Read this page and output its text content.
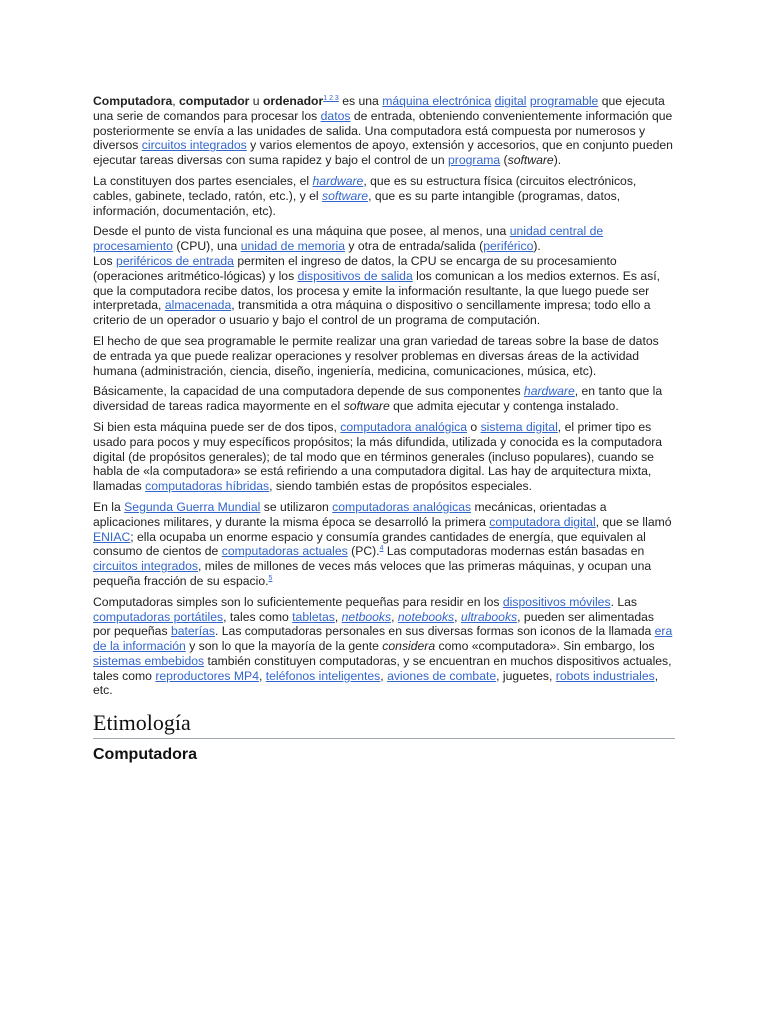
Computadora, computador u ordenador$^{1 2 3}$ es una máquina electrónica digital programable que ejecuta una serie de comandos para procesar los datos de entrada, obteniendo convenientemente información que posteriormente se envía a las unidades de salida. Una computadora está compuesta por numerosos y diversos circuitos integrados y varios elementos de apoyo, extensión y accesorios, que en conjunto pueden ejecutar tareas diversas con suma rapidez y bajo el control de un programa (software).

La constituyen dos partes esenciales, el hardware, que es su estructura física (circuitos electrónicos, cables, gabinete, teclado, ratón, etc.), y el software, que es su parte intangible (programas, datos, información, documentación, etc).

Desde el punto de vista funcional es una máquina que posee, al menos, una unidad central de procesamiento (CPU), una unidad de memoria y otra de entrada/salida (periférico).
Los periféricos de entrada permiten el ingreso de datos, la CPU se encarga de su procesamiento (operaciones aritmético-lógicas) y los dispositivos de salida los comunican a los medios externos. Es así, que la computadora recibe datos, los procesa y emite la información resultante, la que luego puede ser interpretada, almacenada, transmitida a otra máquina o dispositivo o sencillamente impresa; todo ello a criterio de un operador o usuario y bajo el control de un programa de computación.

El hecho de que sea programable le permite realizar una gran variedad de tareas sobre la base de datos de entrada ya que puede realizar operaciones y resolver problemas en diversas áreas de la actividad humana (administración, ciencia, diseño, ingeniería, medicina, comunicaciones, música, etc).

Básicamente, la capacidad de una computadora depende de sus componentes hardware, en tanto que la diversidad de tareas radica mayormente en el software que admita ejecutar y contenga instalado.

Si bien esta máquina puede ser de dos tipos, computadora analógica o sistema digital, el primer tipo es usado para pocos y muy específicos propósitos; la más difundida, utilizada y conocida es la computadora digital (de propósitos generales); de tal modo que en términos generales (incluso populares), cuando se habla de «la computadora» se está refiriendo a una computadora digital. Las hay de arquitectura mixta, llamadas computadoras híbridas, siendo también estas de propósitos especiales.

En la Segunda Guerra Mundial se utilizaron computadoras analógicas mecánicas, orientadas a aplicaciones militares, y durante la misma época se desarrolló la primera computadora digital, que se llamó ENIAC; ella ocupaba un enorme espacio y consumía grandes cantidades de energía, que equivalen al consumo de cientos de computadoras actuales (PC).$^4$ Las computadoras modernas están basadas en circuitos integrados, miles de millones de veces más veloces que las primeras máquinas, y ocupan una pequeña fracción de su espacio.$^5$

Computadoras simples son lo suficientemente pequeñas para residir en los dispositivos móviles. Las computadoras portátiles, tales como tabletas, netbooks, notebooks, ultrabooks, pueden ser alimentadas por pequeñas baterías. Las computadoras personales en sus diversas formas son iconos de la llamada era de la información y son lo que la mayoría de la gente considera como «computadora». Sin embargo, los sistemas embebidos también constituyen computadoras, y se encuentran en muchos dispositivos actuales, tales como reproductores MP4, teléfonos inteligentes, aviones de combate, juguetes, robots industriales, etc.

Etimología
Computadora
